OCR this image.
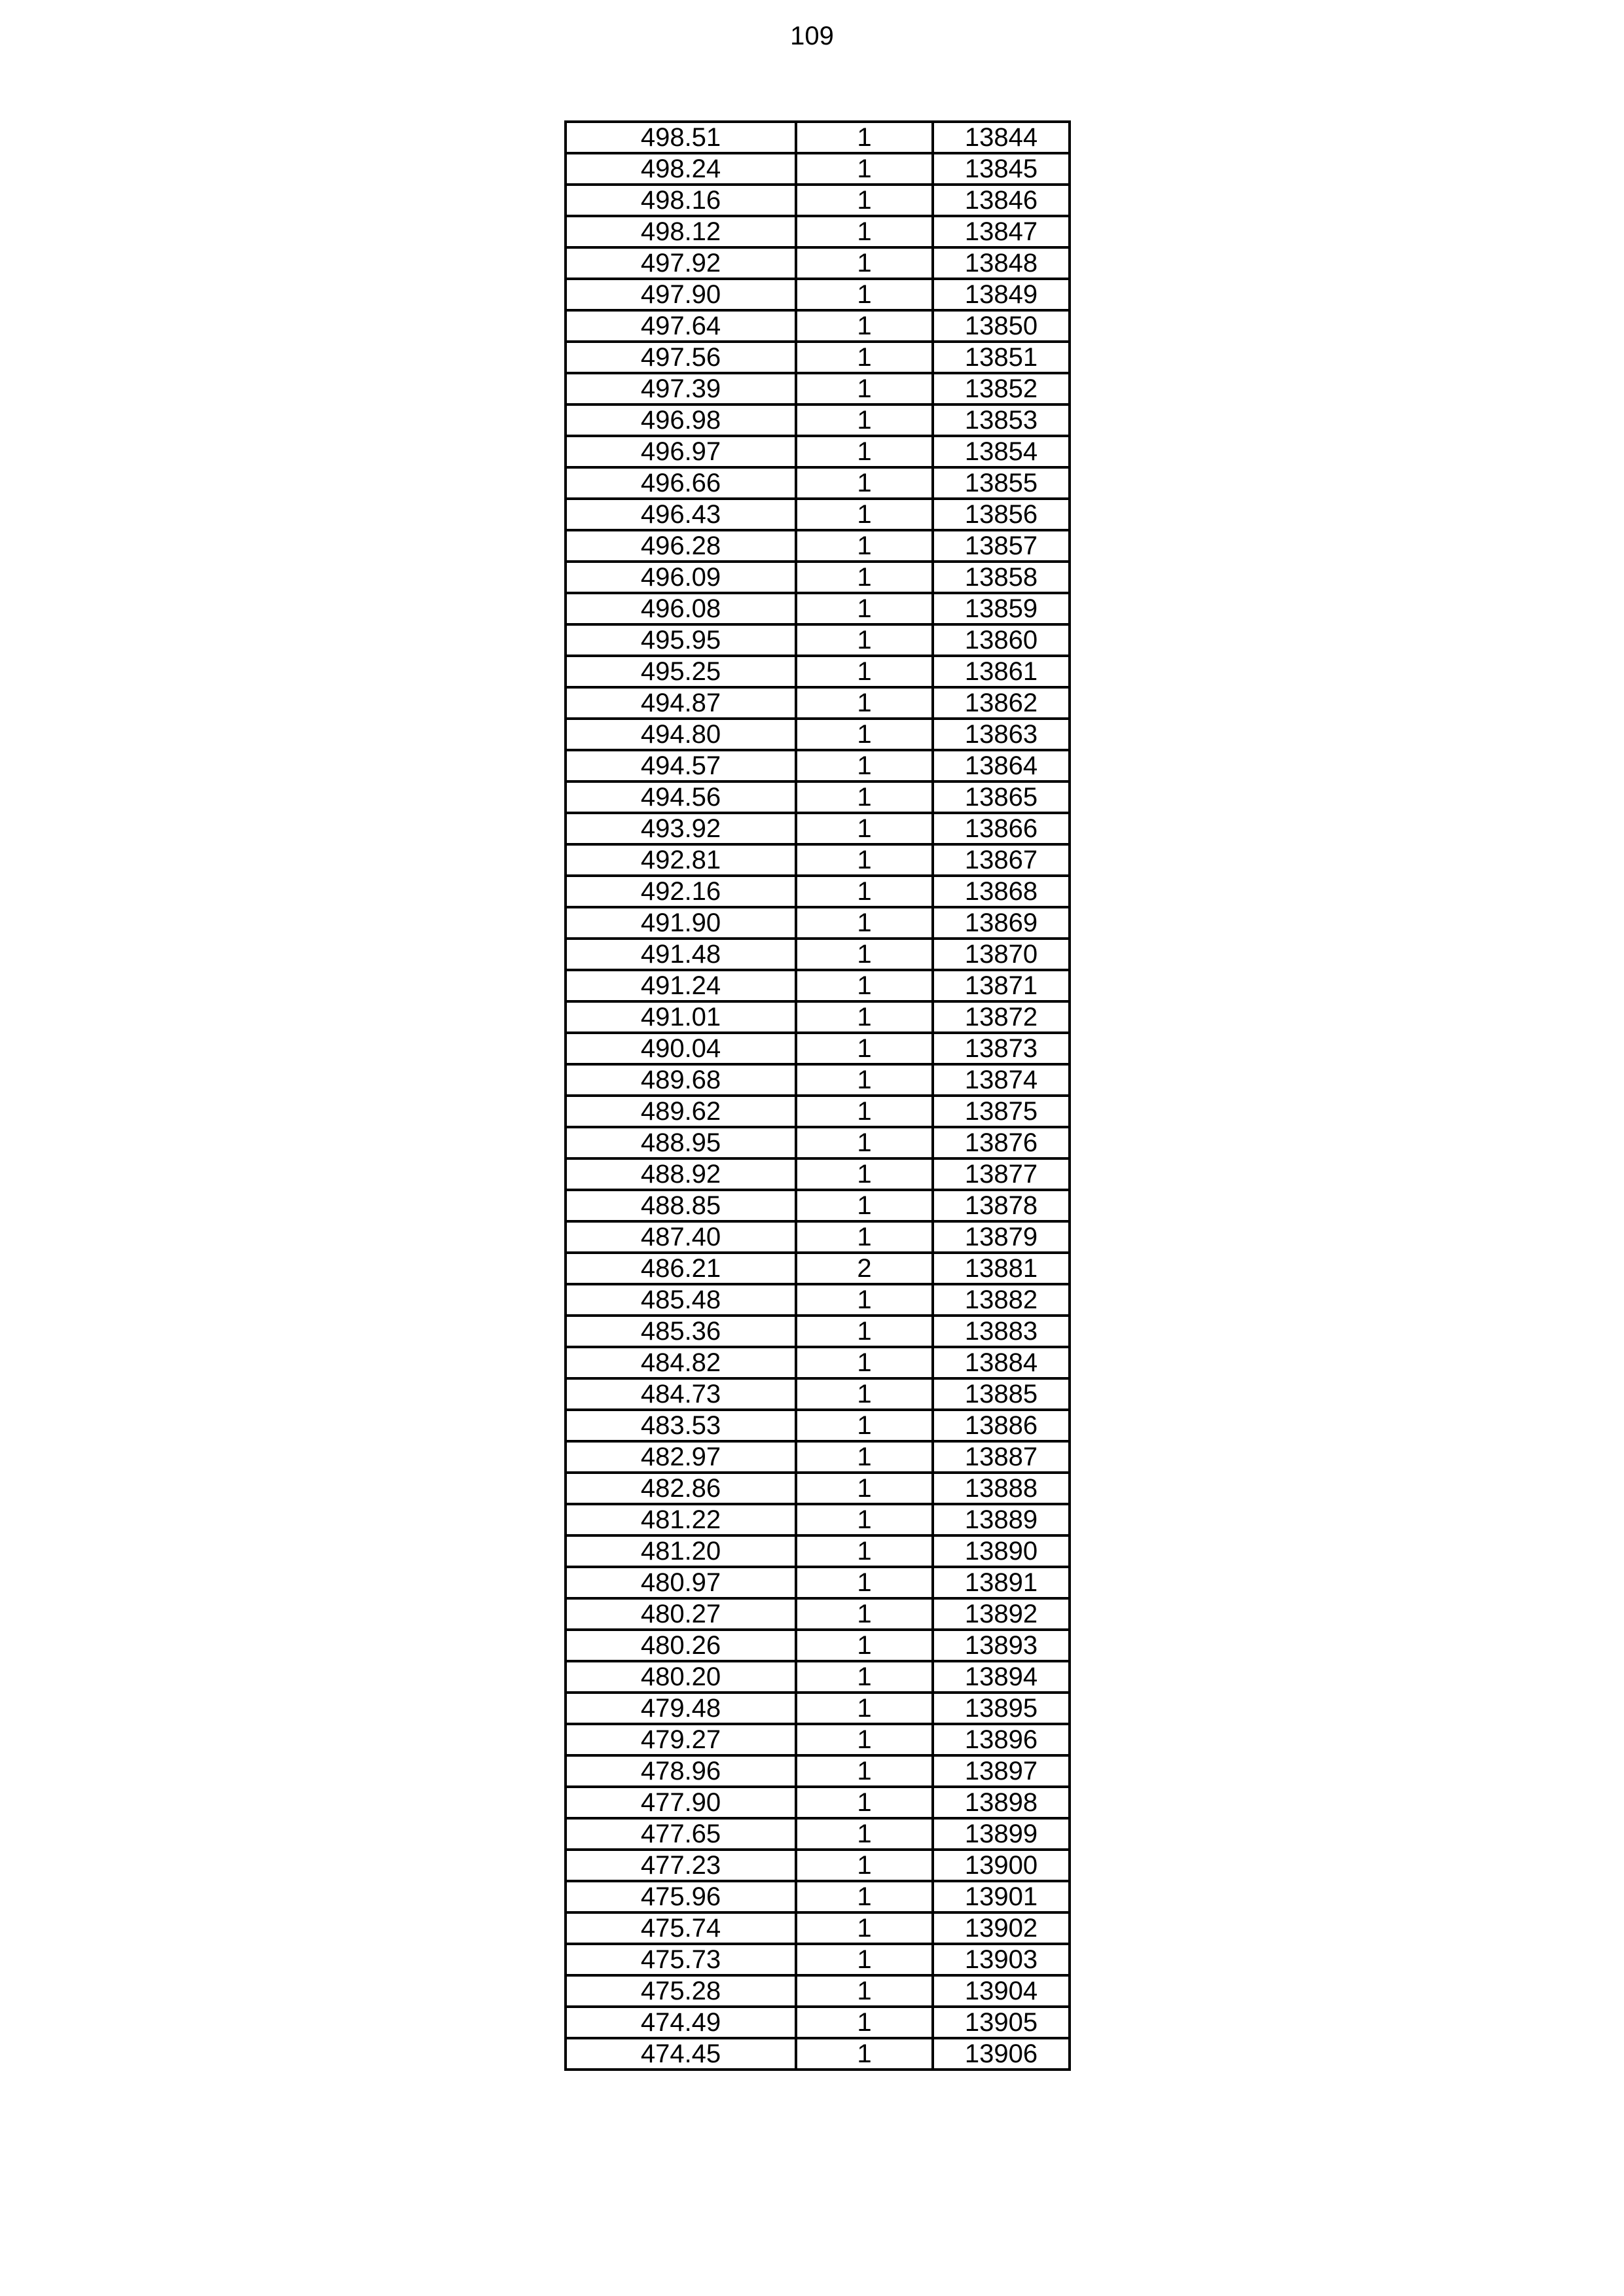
109
498.51	1	13844
498.24	1	13845
498.16	1	13846
498.12	1	13847
497.92	1	13848
497.90	1	13849
497.64	1	13850
497.56	1	13851
497.39	1	13852
496.98	1	13853
496.97	1	13854
496.66	1	13855
496.43	1	13856
496.28	1	13857
496.09	1	13858
496.08	1	13859
495.95	1	13860
495.25	1	13861
494.87	1	13862
494.80	1	13863
494.57	1	13864
494.56	1	13865
493.92	1	13866
492.81	1	13867
492.16	1	13868
491.90	1	13869
491.48	1	13870
491.24	1	13871
491.01	1	13872
490.04	1	13873
489.68	1	13874
489.62	1	13875
488.95	1	13876
488.92	1	13877
488.85	1	13878
487.40	1	13879
486.21	2	13881
485.48	1	13882
485.36	1	13883
484.82	1	13884
484.73	1	13885
483.53	1	13886
482.97	1	13887
482.86	1	13888
481.22	1	13889
481.20	1	13890
480.97	1	13891
480.27	1	13892
480.26	1	13893
480.20	1	13894
479.48	1	13895
479.27	1	13896
478.96	1	13897
477.90	1	13898
477.65	1	13899
477.23	1	13900
475.96	1	13901
475.74	1	13902
475.73	1	13903
475.28	1	13904
474.49	1	13905
474.45	1	13906
